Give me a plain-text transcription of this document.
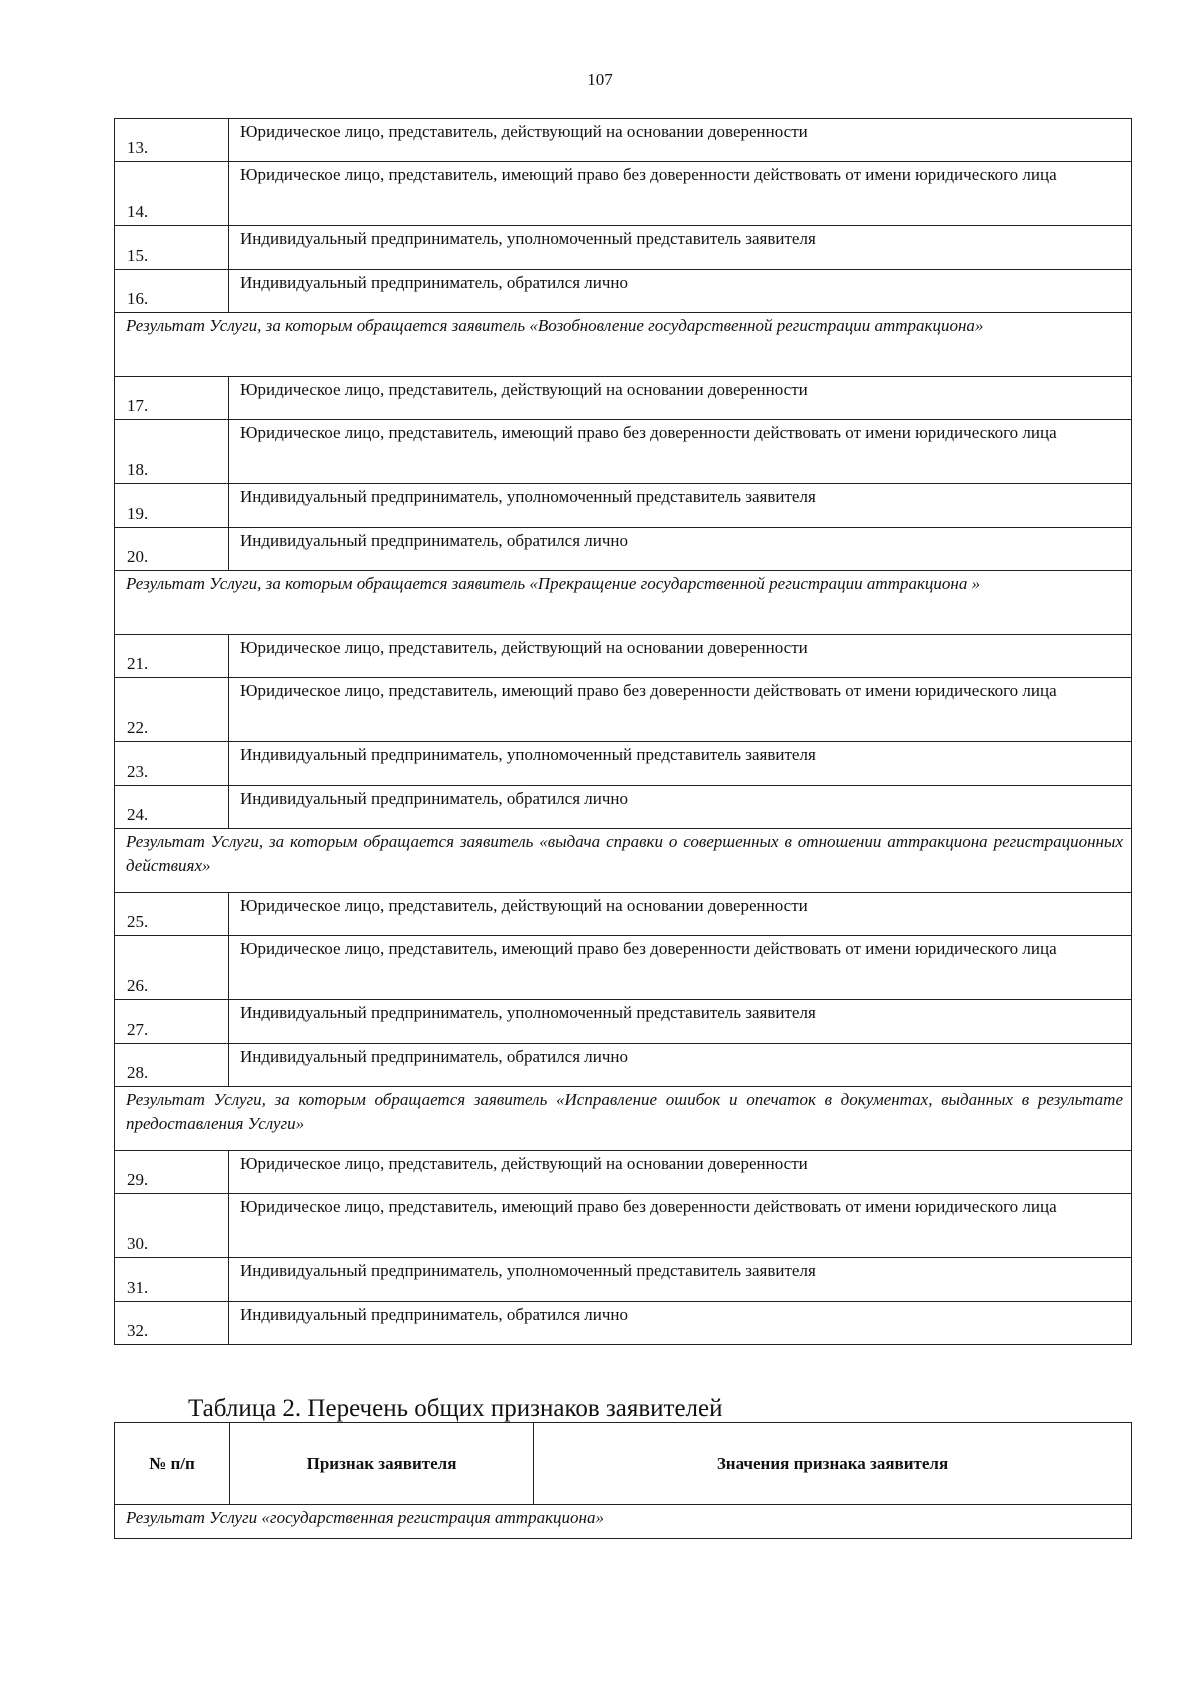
107
13.	Юридическое лицо, представитель, действующий на основании доверенности
14.	Юридическое лицо, представитель, имеющий право без доверенности действовать от имени юридического лица
15.	Индивидуальный предприниматель, уполномоченный представитель заявителя
16.	Индивидуальный предприниматель, обратился лично
Результат Услуги, за которым обращается заявитель «Возобновление государственной регистрации аттракциона»	
17.	Юридическое лицо, представитель, действующий на основании доверенности
18.	Юридическое лицо, представитель, имеющий право без доверенности действовать от имени юридического лица
19.	Индивидуальный предприниматель, уполномоченный представитель заявителя
20.	Индивидуальный предприниматель, обратился лично
Результат Услуги, за которым обращается заявитель «Прекращение государственной регистрации аттракциона »	
21.	Юридическое лицо, представитель, действующий на основании доверенности
22.	Юридическое лицо, представитель, имеющий право без доверенности действовать от имени юридического лица
23.	Индивидуальный предприниматель, уполномоченный представитель заявителя
24.	Индивидуальный предприниматель, обратился лично
Результат Услуги, за которым обращается заявитель «выдача справки о совершенных в отношении аттракциона регистрационных действиях»	
25.	Юридическое лицо, представитель, действующий на основании доверенности
26.	Юридическое лицо, представитель, имеющий право без доверенности действовать от имени юридического лица
27.	Индивидуальный предприниматель, уполномоченный представитель заявителя
28.	Индивидуальный предприниматель, обратился лично
Результат Услуги, за которым обращается заявитель «Исправление ошибок и опечаток в документах, выданных в результате предоставления Услуги»	
29.	Юридическое лицо, представитель, действующий на основании доверенности
30.	Юридическое лицо, представитель, имеющий право без доверенности действовать от имени юридического лица
31.	Индивидуальный предприниматель, уполномоченный представитель заявителя
32.	Индивидуальный предприниматель, обратился лично
Таблица 2. Перечень общих признаков заявителей
№ п/п	Признак заявителя	Значения признака заявителя
Результат Услуги «государственная регистрация аттракциона»
